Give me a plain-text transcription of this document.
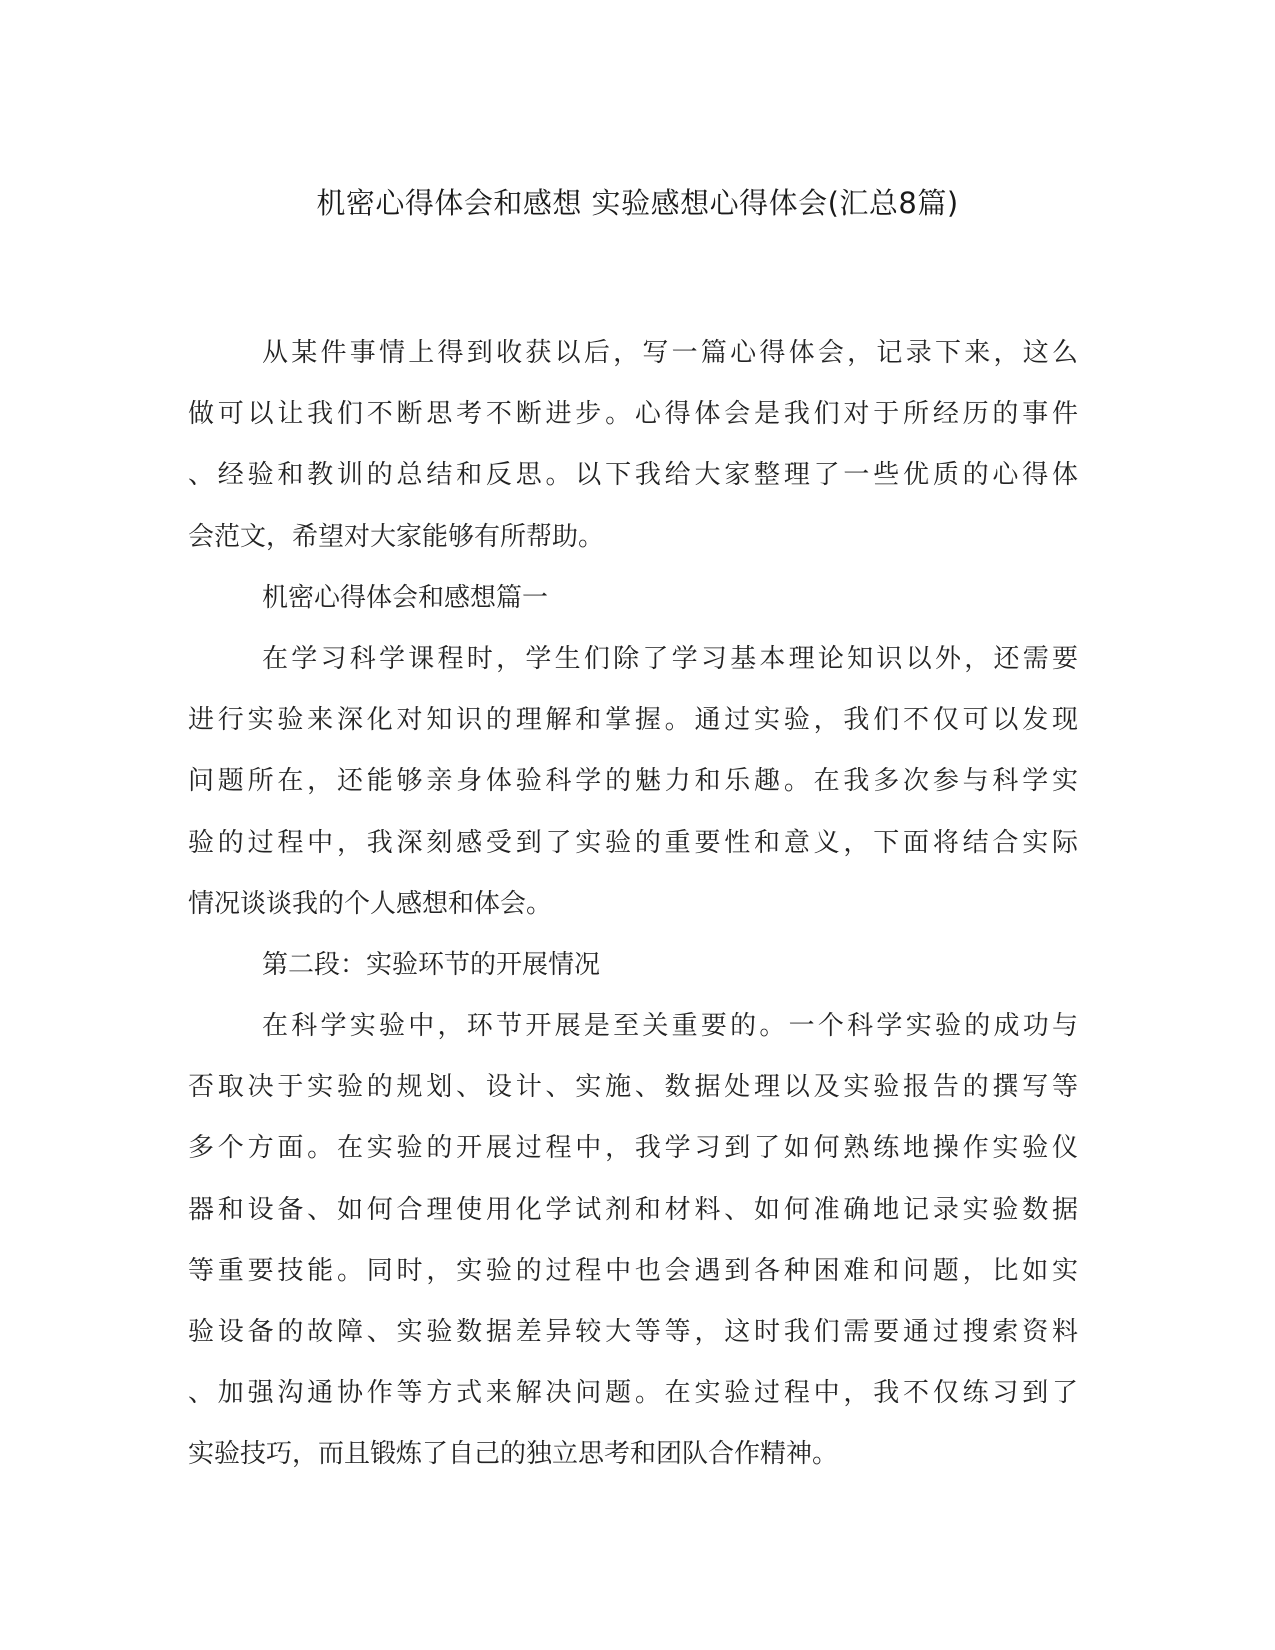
机密心得体会和感想 实验感想心得体会(汇总8篇)
从某件事情上得到收获以后，写一篇心得体会，记录下来，这么
做可以让我们不断思考不断进步。心得体会是我们对于所经历的事件
、经验和教训的总结和反思。以下我给大家整理了一些优质的心得体
会范文，希望对大家能够有所帮助。
机密心得体会和感想篇一
在学习科学课程时，学生们除了学习基本理论知识以外，还需要
进行实验来深化对知识的理解和掌握。通过实验，我们不仅可以发现
问题所在，还能够亲身体验科学的魅力和乐趣。在我多次参与科学实
验的过程中，我深刻感受到了实验的重要性和意义，下面将结合实际
情况谈谈我的个人感想和体会。
第二段：实验环节的开展情况
在科学实验中，环节开展是至关重要的。一个科学实验的成功与
否取决于实验的规划、设计、实施、数据处理以及实验报告的撰写等
多个方面。在实验的开展过程中，我学习到了如何熟练地操作实验仪
器和设备、如何合理使用化学试剂和材料、如何准确地记录实验数据
等重要技能。同时，实验的过程中也会遇到各种困难和问题，比如实
验设备的故障、实验数据差异较大等等，这时我们需要通过搜索资料
、加强沟通协作等方式来解决问题。在实验过程中，我不仅练习到了
实验技巧，而且锻炼了自己的独立思考和团队合作精神。
